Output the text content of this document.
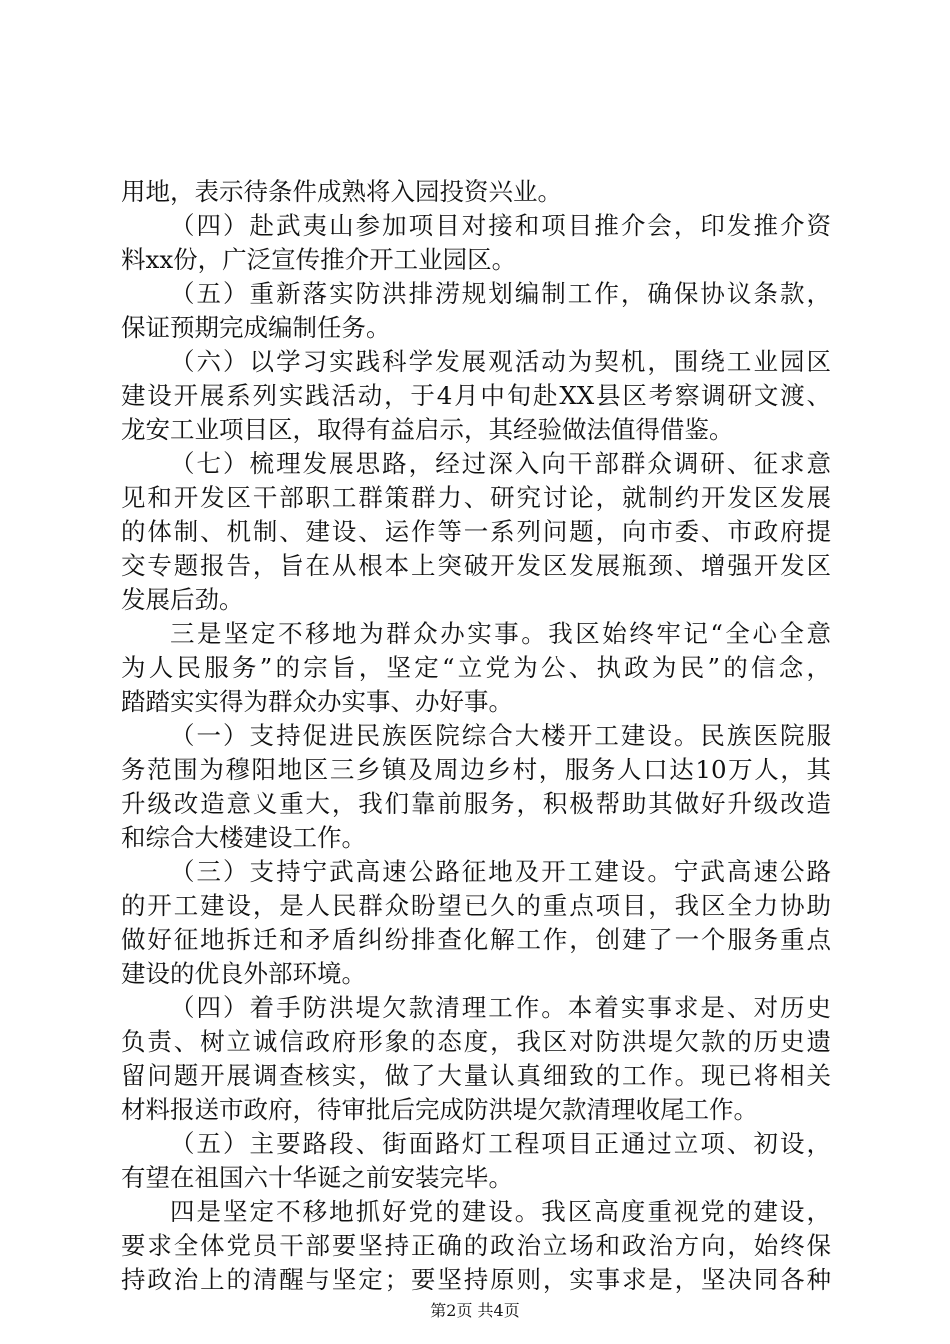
用地，表示待条件成熟将入园投资兴业。
（四）赴武夷山参加项目对接和项目推介会，印发推介资
料xx份，广泛宣传推介开工业园区。
（五）重新落实防洪排涝规划编制工作，确保协议条款，
保证预期完成编制任务。
（六）以学习实践科学发展观活动为契机，围绕工业园区
建设开展系列实践活动，于4月中旬赴XX县区考察调研文渡、
龙安工业项目区，取得有益启示，其经验做法值得借鉴。
（七）梳理发展思路，经过深入向干部群众调研、征求意
见和开发区干部职工群策群力、研究讨论，就制约开发区发展
的体制、机制、建设、运作等一系列问题，向市委、市政府提
交专题报告，旨在从根本上突破开发区发展瓶颈、增强开发区
发展后劲。
三是坚定不移地为群众办实事。我区始终牢记“全心全意
为人民服务”的宗旨，坚定“立党为公、执政为民”的信念，
踏踏实实得为群众办实事、办好事。
（一）支持促进民族医院综合大楼开工建设。民族医院服
务范围为穆阳地区三乡镇及周边乡村，服务人口达10万人，其
升级改造意义重大，我们靠前服务，积极帮助其做好升级改造
和综合大楼建设工作。
（三）支持宁武高速公路征地及开工建设。宁武高速公路
的开工建设，是人民群众盼望已久的重点项目，我区全力协助
做好征地拆迁和矛盾纠纷排查化解工作，创建了一个服务重点
建设的优良外部环境。
（四）着手防洪堤欠款清理工作。本着实事求是、对历史
负责、树立诚信政府形象的态度，我区对防洪堤欠款的历史遗
留问题开展调查核实，做了大量认真细致的工作。现已将相关
材料报送市政府，待审批后完成防洪堤欠款清理收尾工作。
（五）主要路段、街面路灯工程项目正通过立项、初设，
有望在祖国六十华诞之前安装完毕。
四是坚定不移地抓好党的建设。我区高度重视党的建设，
要求全体党员干部要坚持正确的政治立场和政治方向，始终保
持政治上的清醒与坚定；要坚持原则，实事求是，坚决同各种
第2页 共4页
